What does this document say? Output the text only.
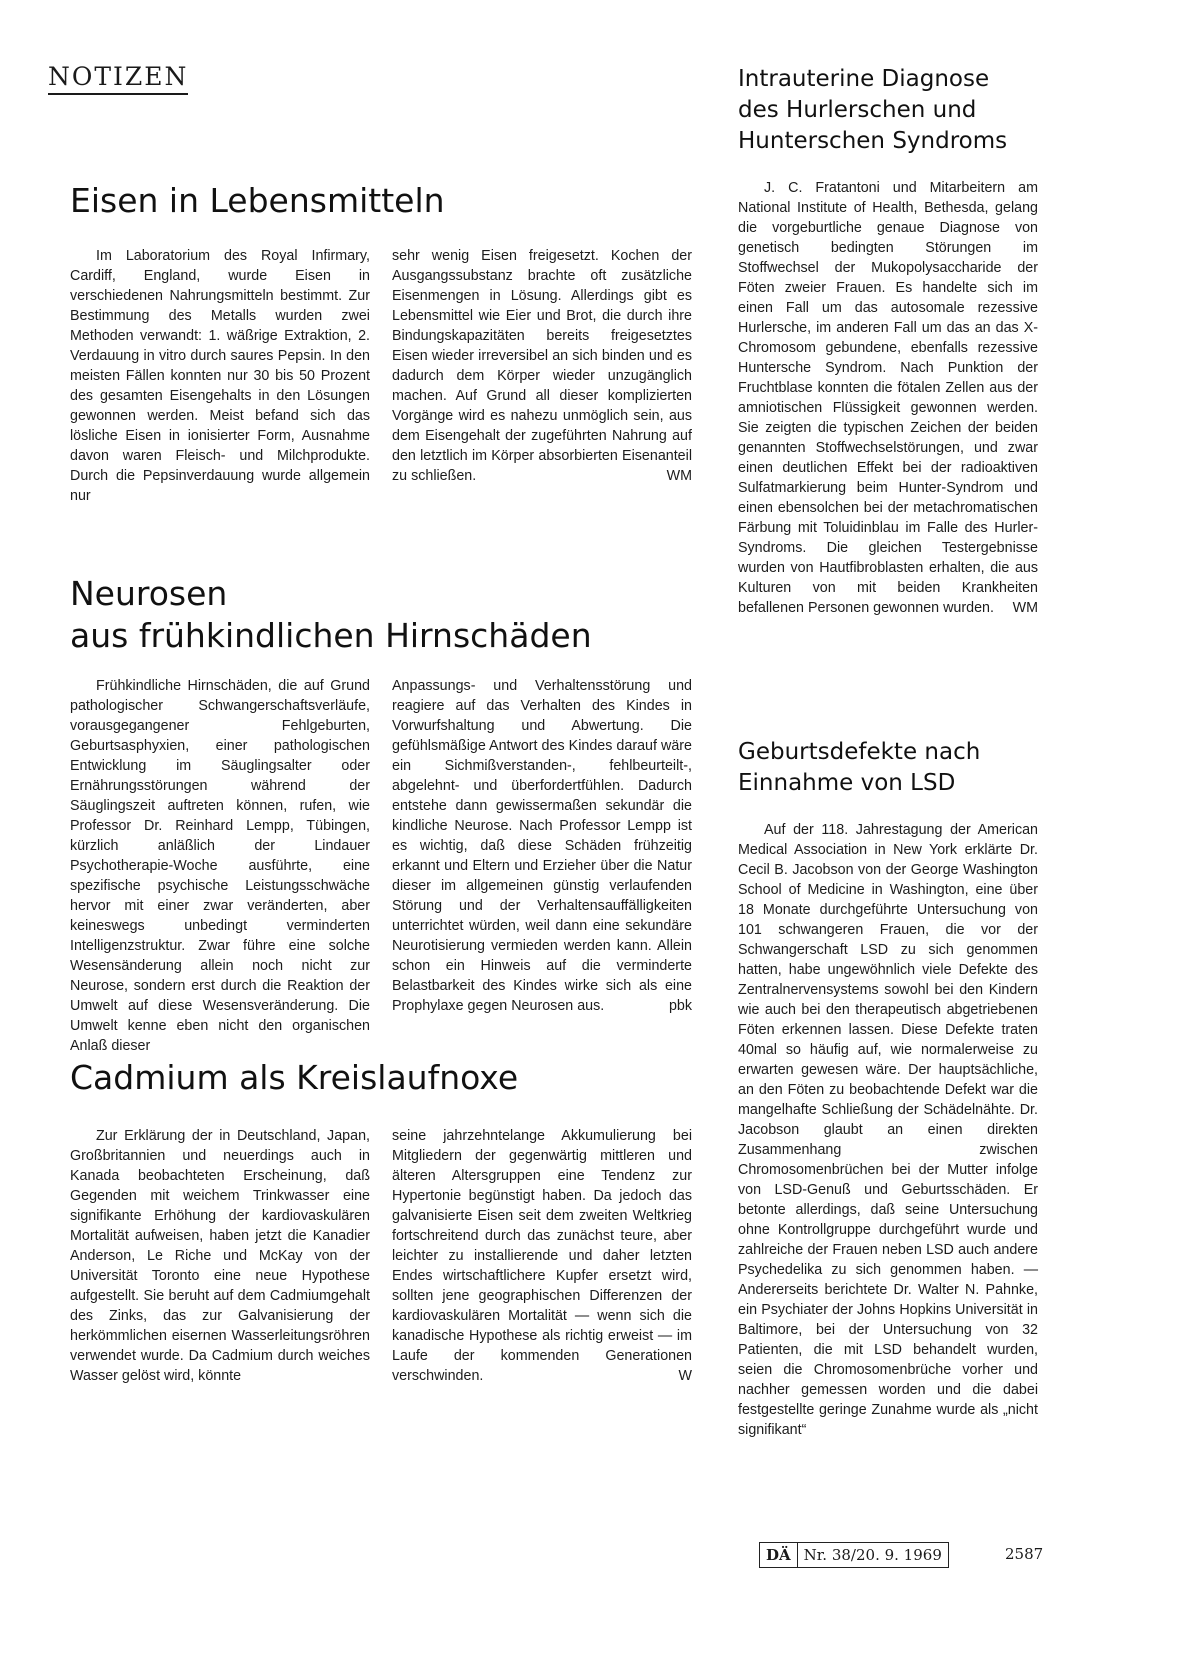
NOTIZEN
Eisen in Lebensmitteln

Im Laboratorium des Royal Infirmary, Cardiff, England, wurde Eisen in verschiedenen Nahrungsmitteln bestimmt. Zur Bestimmung des Metalls wurden zwei Methoden verwandt: 1. wäßrige Extraktion, 2. Verdauung in vitro durch saures Pepsin. In den meisten Fällen konnten nur 30 bis 50 Prozent des gesamten Eisengehalts in den Lösungen gewonnen werden. Meist befand sich das lösliche Eisen in ionisierter Form, Ausnahme davon waren Fleisch- und Milchprodukte. Durch die Pepsinverdauung wurde allgemein nur

sehr wenig Eisen freigesetzt. Kochen der Ausgangssubstanz brachte oft zusätzliche Eisenmengen in Lösung. Allerdings gibt es Lebensmittel wie Eier und Brot, die durch ihre Bindungskapazitäten bereits freigesetztes Eisen wieder irreversibel an sich binden und es dadurch dem Körper wieder unzugänglich machen. Auf Grund all dieser komplizierten Vorgänge wird es nahezu unmöglich sein, aus dem Eisengehalt der zugeführten Nahrung auf den letztlich im Körper absorbierten Eisenanteil zu schließen.	WM

Neurosen
aus frühkindlichen Hirnschäden

Frühkindliche Hirnschäden, die auf Grund pathologischer Schwangerschaftsverläufe, vorausgegangener Fehlgeburten, Geburtsasphyxien, einer pathologischen Entwicklung im Säuglingsalter oder Ernährungsstörungen während der Säuglingszeit auftreten können, rufen, wie Professor Dr. Reinhard Lempp, Tübingen, kürzlich anläßlich der Lindauer Psychotherapie-Woche ausführte, eine spezifische psychische Leistungsschwäche hervor mit einer zwar veränderten, aber keineswegs unbedingt verminderten Intelligenzstruktur. Zwar führe eine solche Wesensänderung allein noch nicht zur Neurose, sondern erst durch die Reaktion der Umwelt auf diese Wesensveränderung. Die Umwelt kenne eben nicht den organischen Anlaß dieser

Anpassungs- und Verhaltensstörung und reagiere auf das Verhalten des Kindes in Vorwurfshaltung und Abwertung. Die gefühlsmäßige Antwort des Kindes darauf wäre ein Sichmißverstanden-, fehlbeurteilt-, abgelehnt- und überfordertfühlen. Dadurch entstehe dann gewissermaßen sekundär die kindliche Neurose. Nach Professor Lempp ist es wichtig, daß diese Schäden frühzeitig erkannt und Eltern und Erzieher über die Natur dieser im allgemeinen günstig verlaufenden Störung und der Verhaltensauffälligkeiten unterrichtet würden, weil dann eine sekundäre Neurotisierung vermieden werden kann. Allein schon ein Hinweis auf die verminderte Belastbarkeit des Kindes wirke sich als eine Prophylaxe gegen Neurosen aus.	pbk

Cadmium als Kreislaufnoxe

Zur Erklärung der in Deutschland, Japan, Großbritannien und neuerdings auch in Kanada beobachteten Erscheinung, daß Gegenden mit weichem Trinkwasser eine signifikante Erhöhung der kardiovaskulären Mortalität aufweisen, haben jetzt die Kanadier Anderson, Le Riche und McKay von der Universität Toronto eine neue Hypothese aufgestellt. Sie beruht auf dem Cadmiumgehalt des Zinks, das zur Galvanisierung der herkömmlichen eisernen Wasserleitungsröhren verwendet wurde. Da Cadmium durch weiches Wasser gelöst wird, könnte

seine jahrzehntelange Akkumulierung bei Mitgliedern der gegenwärtig mittleren und älteren Altersgruppen eine Tendenz zur Hypertonie begünstigt haben. Da jedoch das galvanisierte Eisen seit dem zweiten Weltkrieg fortschreitend durch das zunächst teure, aber leichter zu installierende und daher letzten Endes wirtschaftlichere Kupfer ersetzt wird, sollten jene geographischen Differenzen der kardiovaskulären Mortalität — wenn sich die kanadische Hypothese als richtig erweist — im Laufe der kommenden Generationen verschwinden.	W

Intrauterine Diagnose
des Hurlerschen und
Hunterschen Syndroms

J. C. Fratantoni und Mitarbeitern am National Institute of Health, Bethesda, gelang die vorgeburtliche genaue Diagnose von genetisch bedingten Störungen im Stoffwechsel der Mukopolysaccharide der Föten zweier Frauen. Es handelte sich im einen Fall um das autosomale rezessive Hurlersche, im anderen Fall um das an das X-Chromosom gebundene, ebenfalls rezessive Huntersche Syndrom. Nach Punktion der Fruchtblase konnten die fötalen Zellen aus der amniotischen Flüssigkeit gewonnen werden. Sie zeigten die typischen Zeichen der beiden genannten Stoffwechselstörungen, und zwar einen deutlichen Effekt bei der radioaktiven Sulfatmarkierung beim Hunter-Syndrom und einen ebensolchen bei der metachromatischen Färbung mit Toluidinblau im Falle des Hurler-Syndroms. Die gleichen Testergebnisse wurden von Hautfibroblasten erhalten, die aus Kulturen von mit beiden Krankheiten befallenen Personen gewonnen wurden. WM

Geburtsdefekte nach
Einnahme von LSD

Auf der 118. Jahrestagung der American Medical Association in New York erklärte Dr. Cecil B. Jacobson von der George Washington School of Medicine in Washington, eine über 18 Monate durchgeführte Untersuchung von 101 schwangeren Frauen, die vor der Schwangerschaft LSD zu sich genommen hatten, habe ungewöhnlich viele Defekte des Zentralnervensystems sowohl bei den Kindern wie auch bei den therapeutisch abgetriebenen Föten erkennen lassen. Diese Defekte traten 40mal so häufig auf, wie normalerweise zu erwarten gewesen wäre. Der hauptsächliche, an den Föten zu beobachtende Defekt war die mangelhafte Schließung der Schädelnähte. Dr. Jacobson glaubt an einen direkten Zusammenhang zwischen Chromosomenbrüchen bei der Mutter infolge von LSD-Genuß und Geburtsschäden. Er betonte allerdings, daß seine Untersuchung ohne Kontrollgruppe durchgeführt wurde und zahlreiche der Frauen neben LSD auch andere Psychedelika zu sich genommen haben. — Andererseits berichtete Dr. Walter N. Pahnke, ein Psychiater der Johns Hopkins Universität in Baltimore, bei der Untersuchung von 32 Patienten, die mit LSD behandelt wurden, seien die Chromosomenbrüche vorher und nachher gemessen worden und die dabei festgestellte geringe Zunahme wurde als „nicht signifikant“

DÄ Nr. 38/20. 9. 1969	2587
